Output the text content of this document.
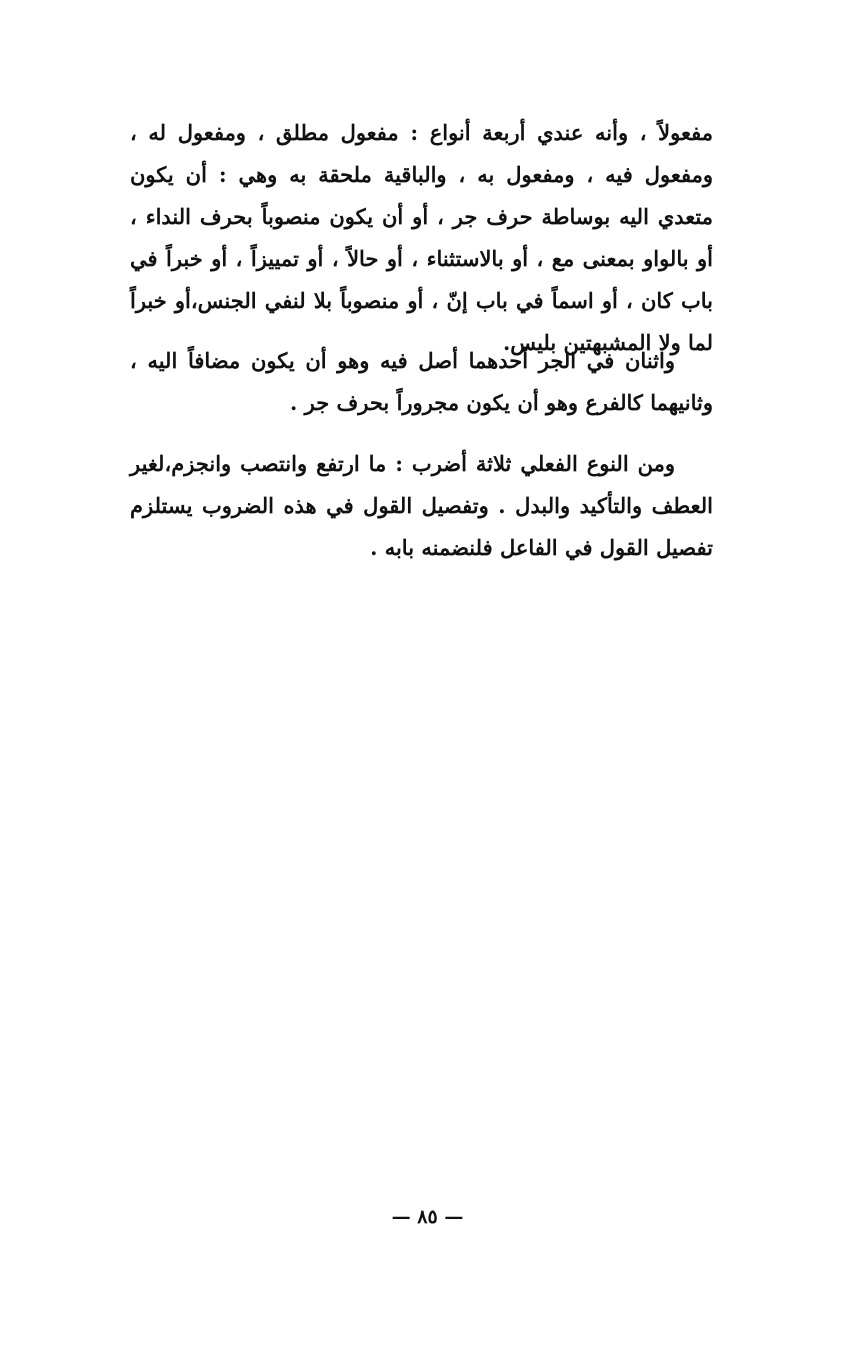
مفعولاً ، وأنه عندي أربعة أنواع : مفعول مطلق ، ومفعول له ، ومفعول فيه ، ومفعول به ، والباقية ملحقة به وهي : أن يكون متعدي اليه بوساطة حرف جر ، أو أن يكون منصوباً بحرف النداء ، أو بالواو بمعنى مع ، أو بالاستثناء ، أو حالاً ، أو تمييزاً ، أو خبراً في باب كان ، أو اسماً في باب إنّ ، أو منصوباً بلا لنفي الجنس،أو خبراً لما ولا المشبهتين بليس.

واثنان في الجر أحدهما أصل فيه وهو أن يكون مضافاً اليه ، وثانيهما كالفرع وهو أن يكون مجروراً بحرف جر .

ومن النوع الفعلي ثلاثة أضرب : ما ارتفع وانتصب وانجزم،لغير العطف والتأكيد والبدل . وتفصيل القول في هذه الضروب يستلزم تفصيل القول في الفاعل فلنضمنه بابه .

— ٨٥ —
